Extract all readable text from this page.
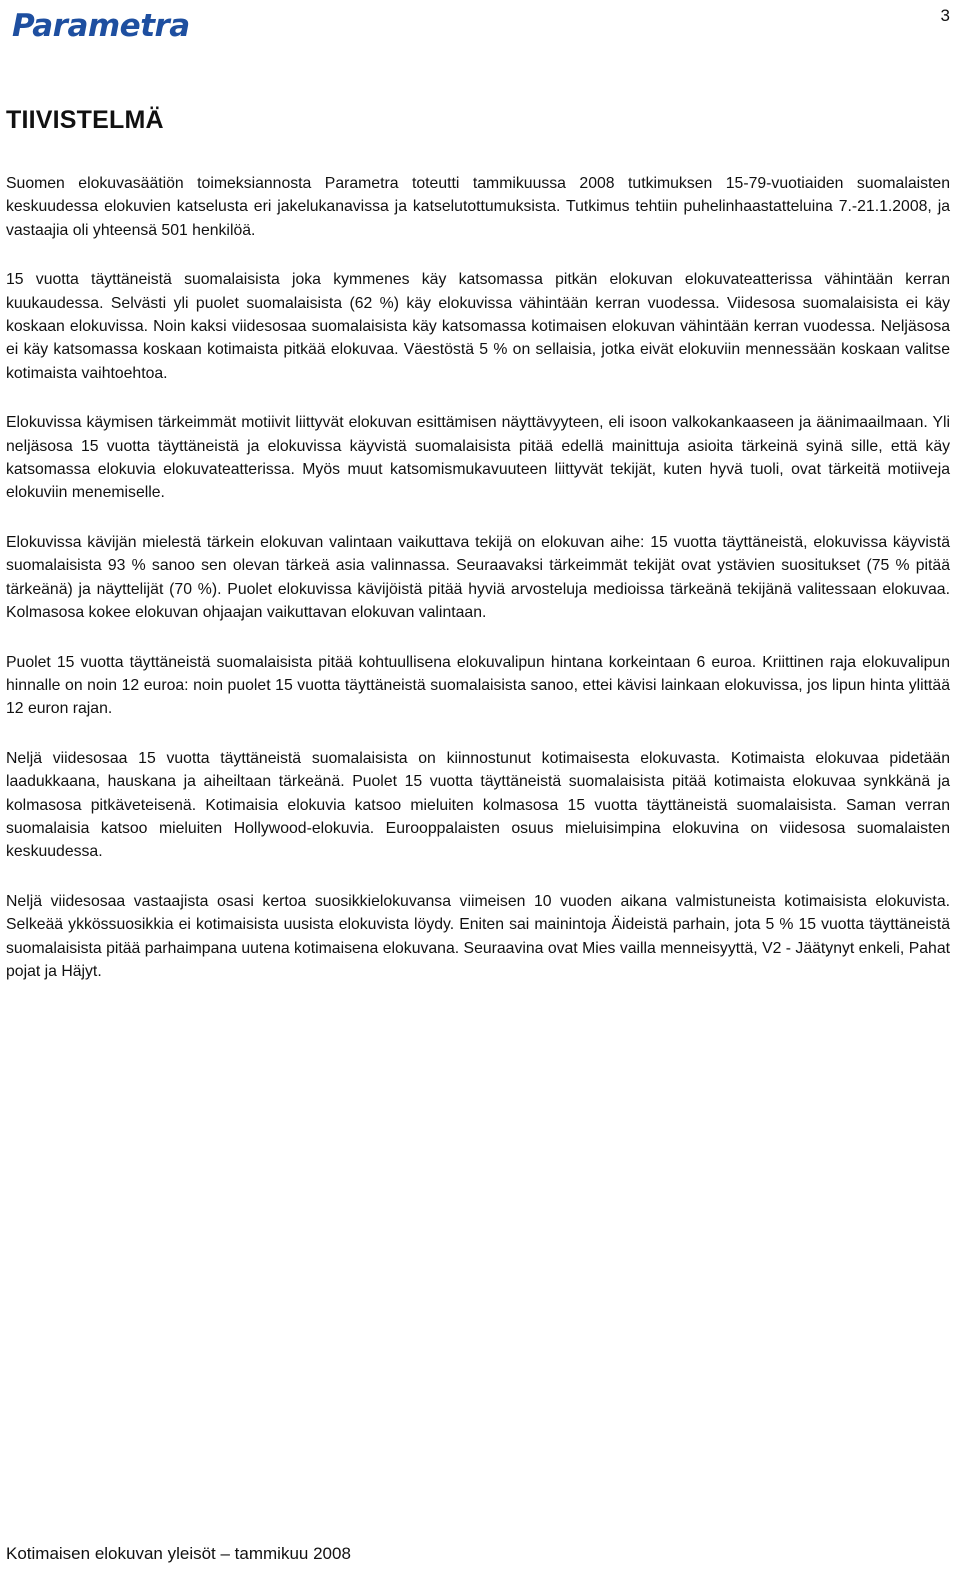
Parametra	3
TIIVISTELMÄ

Suomen elokuvasäätiön toimeksiannosta Parametra toteutti tammikuussa 2008 tutkimuksen 15-79-vuotiaiden suomalaisten keskuudessa elokuvien katselusta eri jakelukanavissa ja katselutottumuksista. Tutkimus tehtiin puhelinhaastatteluina 7.-21.1.2008, ja vastaajia oli yhteensä 501 henkilöä.

15 vuotta täyttäneistä suomalaisista joka kymmenes käy katsomassa pitkän elokuvan elokuvateatterissa vähintään kerran kuukaudessa. Selvästi yli puolet suomalaisista (62 %) käy elokuvissa vähintään kerran vuodessa. Viidesosa suomalaisista ei käy koskaan elokuvissa. Noin kaksi viidesosaa suomalaisista käy katsomassa kotimaisen elokuvan vähintään kerran vuodessa. Neljäsosa ei käy katsomassa koskaan kotimaista pitkää elokuvaa. Väestöstä 5 % on sellaisia, jotka eivät elokuviin mennessään koskaan valitse kotimaista vaihtoehtoa.

Elokuvissa käymisen tärkeimmät motiivit liittyvät elokuvan esittämisen näyttävyyteen, eli isoon valkokankaaseen ja äänimaailmaan. Yli neljäsosa 15 vuotta täyttäneistä ja elokuvissa käyvistä suomalaisista pitää edellä mainittuja asioita tärkeinä syinä sille, että käy katsomassa elokuvia elokuvateatterissa. Myös muut katsomismukavuuteen liittyvät tekijät, kuten hyvä tuoli, ovat tärkeitä motiiveja elokuviin menemiselle.

Elokuvissa kävijän mielestä tärkein elokuvan valintaan vaikuttava tekijä on elokuvan aihe: 15 vuotta täyttäneistä, elokuvissa käyvistä suomalaisista 93 % sanoo sen olevan tärkeä asia valinnassa. Seuraavaksi tärkeimmät tekijät ovat ystävien suositukset (75 % pitää tärkeänä) ja näyttelijät (70 %). Puolet elokuvissa kävijöistä pitää hyviä arvosteluja medioissa tärkeänä tekijänä valitessaan elokuvaa. Kolmasosa kokee elokuvan ohjaajan vaikuttavan elokuvan valintaan.

Puolet 15 vuotta täyttäneistä suomalaisista pitää kohtuullisena elokuvalipun hintana korkeintaan 6 euroa. Kriittinen raja elokuvalipun hinnalle on noin 12 euroa: noin puolet 15 vuotta täyttäneistä suomalaisista sanoo, ettei kävisi lainkaan elokuvissa, jos lipun hinta ylittää 12 euron rajan.

Neljä viidesosaa 15 vuotta täyttäneistä suomalaisista on kiinnostunut kotimaisesta elokuvasta. Kotimaista elokuvaa pidetään laadukkaana, hauskana ja aiheiltaan tärkeänä. Puolet 15 vuotta täyttäneistä suomalaisista pitää kotimaista elokuvaa synkkänä ja kolmasosa pitkäveteisenä. Kotimaisia elokuvia katsoo mieluiten kolmasosa 15 vuotta täyttäneistä suomalaisista. Saman verran suomalaisia katsoo mieluiten Hollywood-elokuvia. Eurooppalaisten osuus mieluisimpina elokuvina on viidesosa suomalaisten keskuudessa.

Neljä viidesosaa vastaajista osasi kertoa suosikkielokuvansa viimeisen 10 vuoden aikana valmistuneista kotimaisista elokuvista. Selkeää ykkössuosikkia ei kotimaisista uusista elokuvista löydy. Eniten sai mainintoja Äideistä parhain, jota 5 % 15 vuotta täyttäneistä suomalaisista pitää parhaimpana uutena kotimaisena elokuvana. Seuraavina ovat Mies vailla menneisyyttä, V2 - Jäätynyt enkeli, Pahat pojat ja Häjyt.

Kotimaisen elokuvan yleisöt – tammikuu 2008
